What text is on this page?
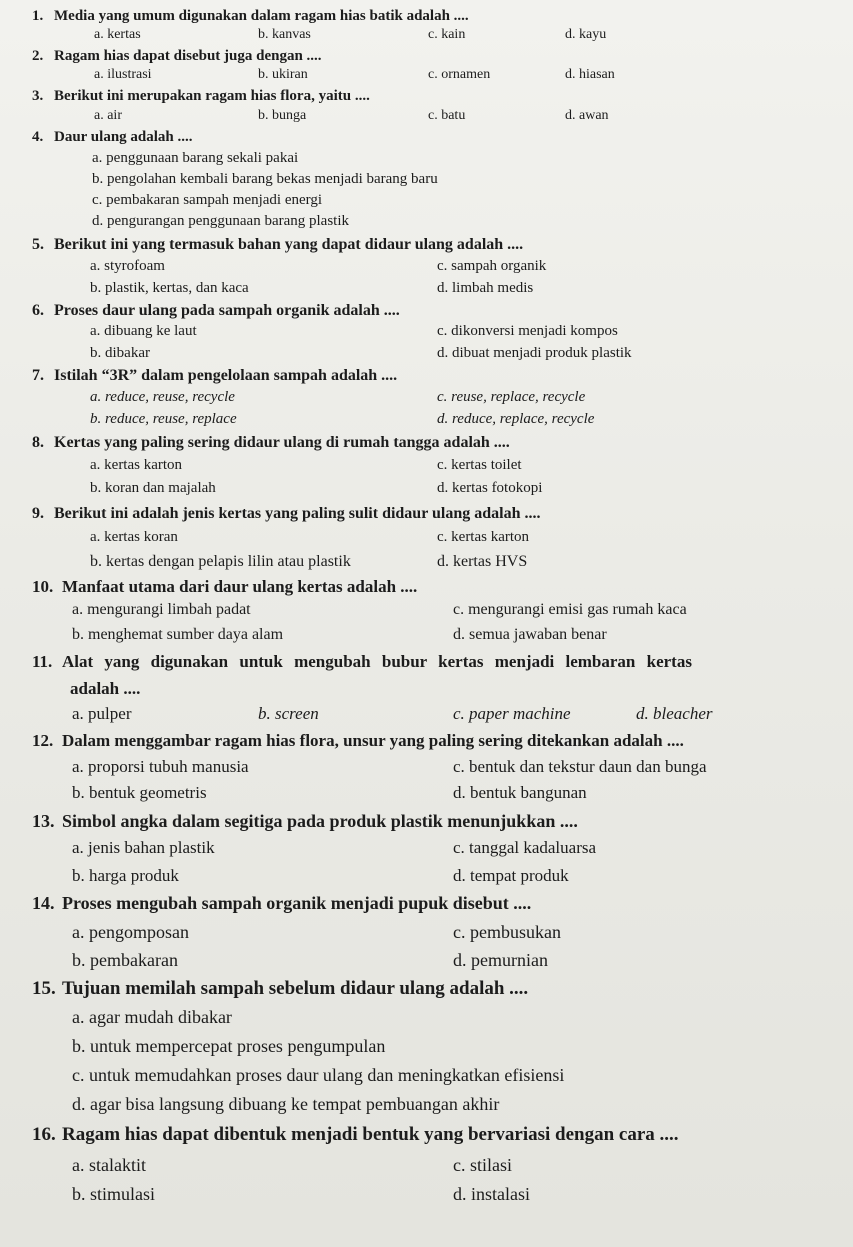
1. Media yang umum digunakan dalam ragam hias batik adalah ....
a. kertas	b. kanvas	c. kain	d. kayu
2. Ragam hias dapat disebut juga dengan ....
a. ilustrasi	b. ukiran	c. ornamen	d. hiasan
3. Berikut ini merupakan ragam hias flora, yaitu ....
a. air	b. bunga	c. batu	d. awan
4. Daur ulang adalah ....
a. penggunaan barang sekali pakai
b. pengolahan kembali barang bekas menjadi barang baru
c. pembakaran sampah menjadi energi
d. pengurangan penggunaan barang plastik
5. Berikut ini yang termasuk bahan yang dapat didaur ulang adalah ....
a. styrofoam	c. sampah organik
b. plastik, kertas, dan kaca	d. limbah medis
6. Proses daur ulang pada sampah organik adalah ....
a. dibuang ke laut	c. dikonversi menjadi kompos
b. dibakar	d. dibuat menjadi produk plastik
7. Istilah “3R” dalam pengelolaan sampah adalah ....
a. reduce, reuse, recycle	c. reuse, replace, recycle
b. reduce, reuse, replace	d. reduce, replace, recycle
8. Kertas yang paling sering didaur ulang di rumah tangga adalah ....
a. kertas karton	c. kertas toilet
b. koran dan majalah	d. kertas fotokopi
9. Berikut ini adalah jenis kertas yang paling sulit didaur ulang adalah ....
a. kertas koran	c. kertas karton
b. kertas dengan pelapis lilin atau plastik	d. kertas HVS
10. Manfaat utama dari daur ulang kertas adalah ....
a. mengurangi limbah padat	c. mengurangi emisi gas rumah kaca
b. menghemat sumber daya alam	d. semua jawaban benar
11. Alat yang digunakan untuk mengubah bubur kertas menjadi lembaran kertas
adalah ....
a. pulper	b. screen	c. paper machine	d. bleacher
12. Dalam menggambar ragam hias flora, unsur yang paling sering ditekankan adalah ....
a. proporsi tubuh manusia	c. bentuk dan tekstur daun dan bunga
b. bentuk geometris	d. bentuk bangunan
13. Simbol angka dalam segitiga pada produk plastik menunjukkan ....
a. jenis bahan plastik	c. tanggal kadaluarsa
b. harga produk	d. tempat produk
14. Proses mengubah sampah organik menjadi pupuk disebut ....
a. pengomposan	c. pembusukan
b. pembakaran	d. pemurnian
15. Tujuan memilah sampah sebelum didaur ulang adalah ....
a. agar mudah dibakar
b. untuk mempercepat proses pengumpulan
c. untuk memudahkan proses daur ulang dan meningkatkan efisiensi
d. agar bisa langsung dibuang ke tempat pembuangan akhir
16. Ragam hias dapat dibentuk menjadi bentuk yang bervariasi dengan cara ....
a. stalaktit	c. stilasi
b. stimulasi	d. instalasi
